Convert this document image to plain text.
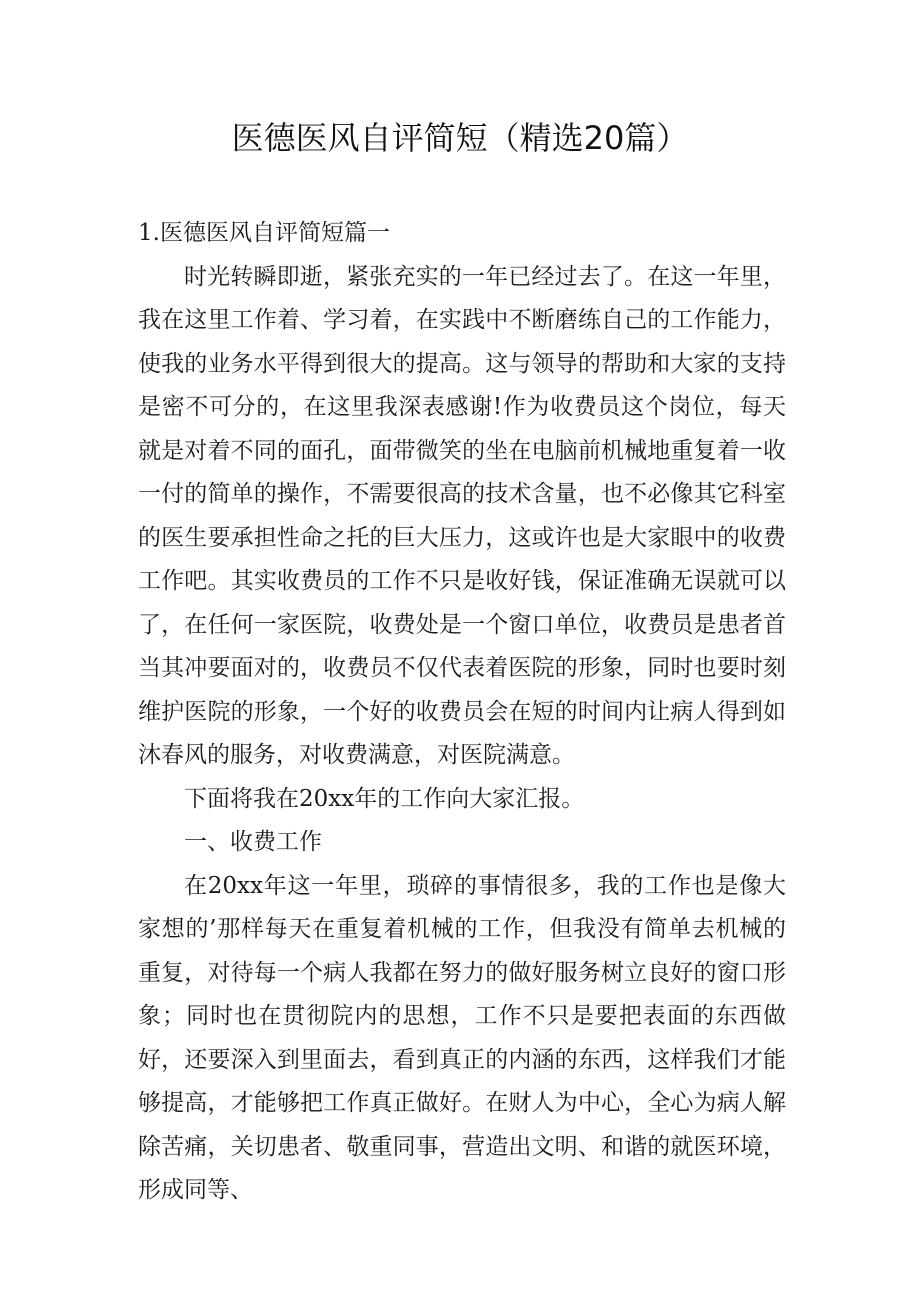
医德医风自评简短（精选20篇）

1.医德医风自评简短篇一

时光转瞬即逝，紧张充实的一年已经过去了。在这一年里，我在这里工作着、学习着，在实践中不断磨练自己的工作能力，使我的业务水平得到很大的提高。这与领导的帮助和大家的支持是密不可分的，在这里我深表感谢!作为收费员这个岗位，每天就是对着不同的面孔，面带微笑的坐在电脑前机械地重复着一收一付的简单的操作，不需要很高的技术含量，也不必像其它科室的医生要承担性命之托的巨大压力，这或许也是大家眼中的收费工作吧。其实收费员的工作不只是收好钱，保证准确无误就可以了，在任何一家医院，收费处是一个窗口单位，收费员是患者首当其冲要面对的，收费员不仅代表着医院的形象，同时也要时刻维护医院的形象，一个好的收费员会在短的时间内让病人得到如沐春风的服务，对收费满意，对医院满意。

下面将我在20xx年的工作向大家汇报。

一、收费工作

在20xx年这一年里，琐碎的事情很多，我的工作也是像大家想的’那样每天在重复着机械的工作，但我没有简单去机械的重复，对待每一个病人我都在努力的做好服务树立良好的窗口形象；同时也在贯彻院内的思想，工作不只是要把表面的东西做好，还要深入到里面去，看到真正的内涵的东西，这样我们才能够提高，才能够把工作真正做好。在财人为中心，全心为病人解除苦痛，关切患者、敬重同事，营造出文明、和谐的就医环境，形成同等、
